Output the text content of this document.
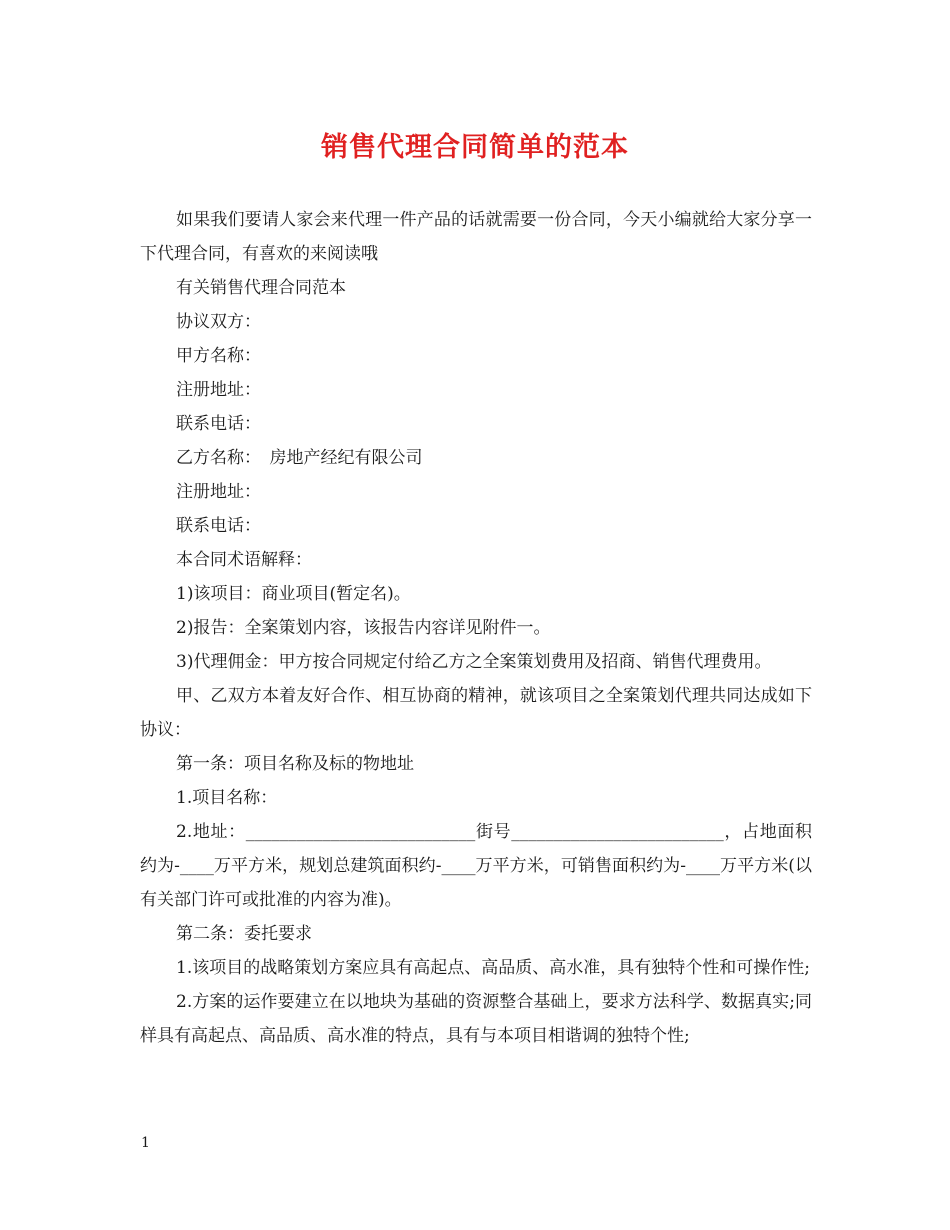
销售代理合同简单的范本

如果我们要请人家会来代理一件产品的话就需要一份合同，今天小编就给大家分享一下代理合同，有喜欢的来阅读哦

有关销售代理合同范本

协议双方：

甲方名称：

注册地址：

联系电话：

乙方名称：　房地产经纪有限公司

注册地址：

联系电话：

本合同术语解释：

1)该项目：商业项目(暂定名)。

2)报告：全案策划内容，该报告内容详见附件一。

3)代理佣金：甲方按合同规定付给乙方之全案策划费用及招商、销售代理费用。

甲、乙双方本着友好合作、相互协商的精神，就该项目之全案策划代理共同达成如下协议：

第一条：项目名称及标的物地址

1.项目名称：

2.地址：___________________________街号_________________________，占地面积约为-____万平方米，规划总建筑面积约-____万平方米，可销售面积约为-____万平方米(以有关部门许可或批准的内容为准)。

第二条：委托要求

1.该项目的战略策划方案应具有高起点、高品质、高水准，具有独特个性和可操作性;

2.方案的运作要建立在以地块为基础的资源整合基础上，要求方法科学、数据真实;同样具有高起点、高品质、高水准的特点，具有与本项目相谐调的独特个性;

1
